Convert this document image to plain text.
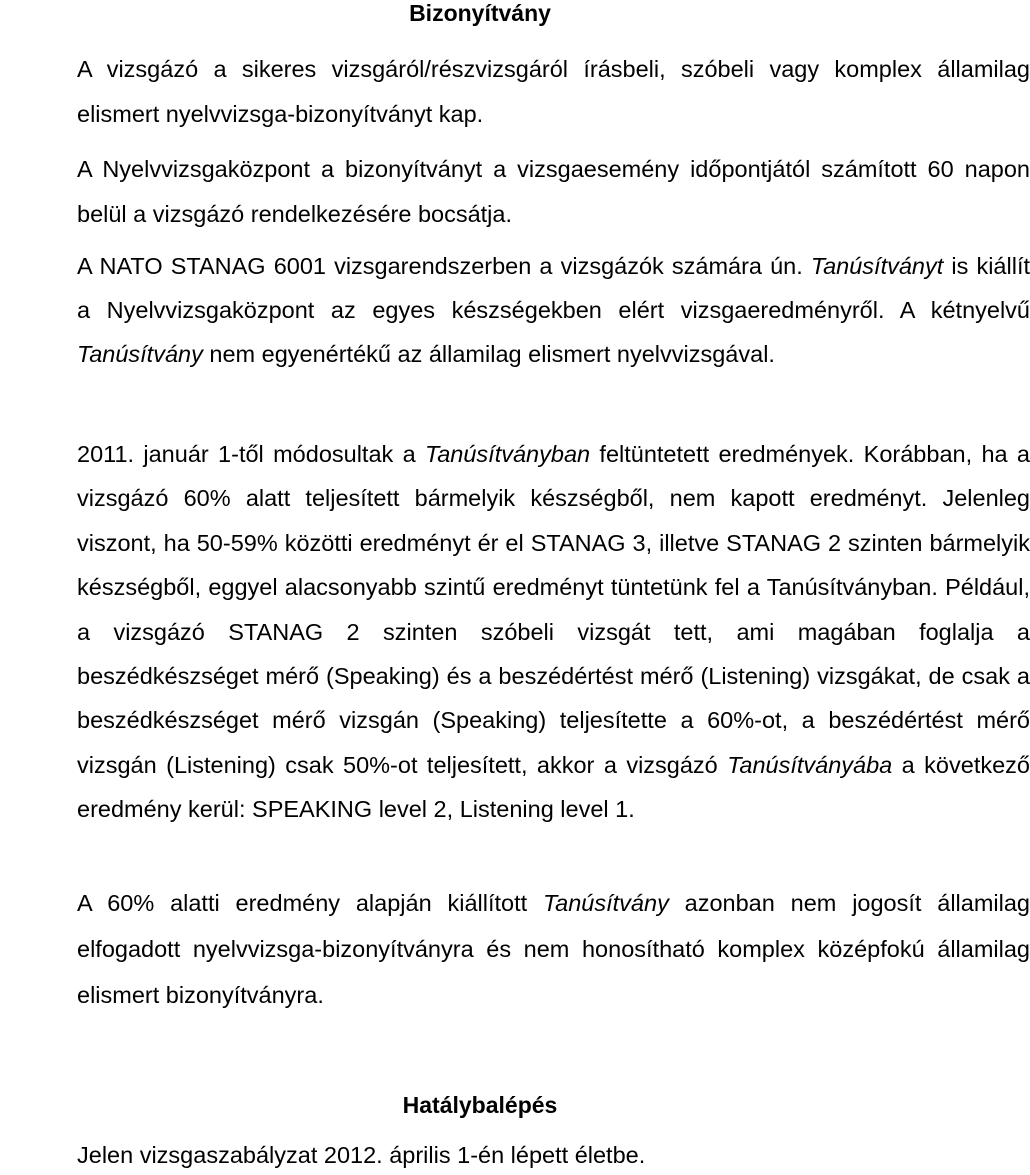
Bizonyítvány

A vizsgázó a sikeres vizsgáról/részvizsgáról írásbeli, szóbeli vagy komplex államilag elismert nyelvvizsga-bizonyítványt kap.

A Nyelvvizsgaközpont a bizonyítványt a vizsgaesemény időpontjától számított 60 napon belül a vizsgázó rendelkezésére bocsátja.

A NATO STANAG 6001 vizsgarendszerben a vizsgázók számára ún. Tanúsítványt is kiállít a Nyelvvizsgaközpont az egyes készségekben elért vizsgaeredményről. A kétnyelvű Tanúsítvány nem egyenértékű az államilag elismert nyelvvizsgával.

2011. január 1-től módosultak a Tanúsítványban feltüntetett eredmények. Korábban, ha a vizsgázó 60% alatt teljesített bármelyik készségből, nem kapott eredményt. Jelenleg viszont, ha 50-59% közötti eredményt ér el STANAG 3, illetve STANAG 2 szinten bármelyik készségből, eggyel alacsonyabb szintű eredményt tüntetünk fel a Tanúsítványban. Például, a vizsgázó STANAG 2 szinten szóbeli vizsgát tett, ami magában foglalja a beszédkészséget mérő (Speaking) és a beszédértést mérő (Listening) vizsgákat, de csak a beszédkészséget mérő vizsgán (Speaking) teljesítette a 60%-ot, a beszédértést mérő vizsgán (Listening) csak 50%-ot teljesített, akkor a vizsgázó Tanúsítványába a következő eredmény kerül: SPEAKING level 2, Listening level 1.

A 60% alatti eredmény alapján kiállított Tanúsítvány azonban nem jogosít államilag elfogadott nyelvvizsga-bizonyítványra és nem honosítható komplex középfokú államilag elismert bizonyítványra.

Hatálybalépés

Jelen vizsgaszabályzat 2012. április 1-én lépett életbe.
